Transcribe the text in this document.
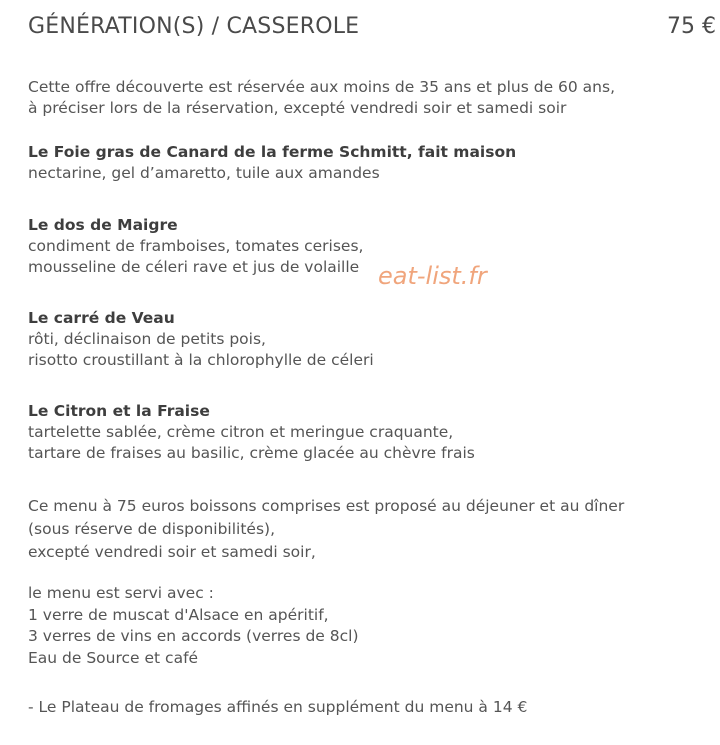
GÉNÉRATION(S) / CASSEROLE	75 €
Cette offre découverte est réservée aux moins de 35 ans et plus de 60 ans,
à préciser lors de la réservation, excepté vendredi soir et samedi soir
Le Foie gras de Canard de la ferme Schmitt, fait maison
nectarine, gel d’amaretto, tuile aux amandes
Le dos de Maigre
condiment de framboises, tomates cerises,
mousseline de céleri rave et jus de volaille
Le carré de Veau
rôti, déclinaison de petits pois,
risotto croustillant à la chlorophylle de céleri
Le Citron et la Fraise
tartelette sablée, crème citron et meringue craquante,
tartare de fraises au basilic, crème glacée au chèvre frais
Ce menu à 75 euros boissons comprises est proposé au déjeuner et au dîner
(sous réserve de disponibilités),
excepté vendredi soir et samedi soir,
le menu est servi avec :
1 verre de muscat d'Alsace en apéritif,
3 verres de vins en accords (verres de 8cl)
Eau de Source et café
- Le Plateau de fromages affinés en supplément du menu à 14 €
eat-list.fr
